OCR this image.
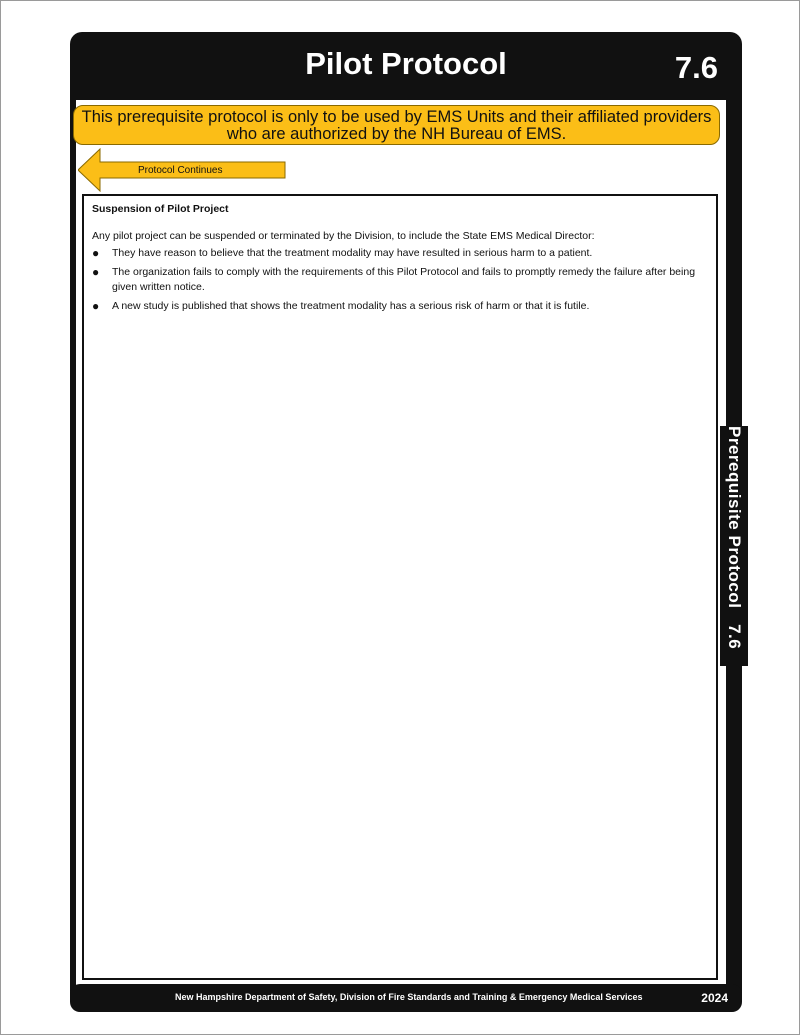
Pilot Protocol	7.6
Prerequisite Protocol   7.6
This prerequisite protocol is only to be used by EMS Units and their affiliated providers
who are authorized by the NH Bureau of EMS.
Protocol Continues
Suspension of Pilot Project
Any pilot project can be suspended or terminated by the Division, to include the State EMS Medical Director:
● They have reason to believe that the treatment modality may have resulted in serious harm to a patient.
● The organization fails to comply with the requirements of this Pilot Protocol and fails to promptly remedy the failure after being given written notice.
● A new study is published that shows the treatment modality has a serious risk of harm or that it is futile.
New Hampshire Department of Safety, Division of Fire Standards and Training & Emergency Medical Services	2024
